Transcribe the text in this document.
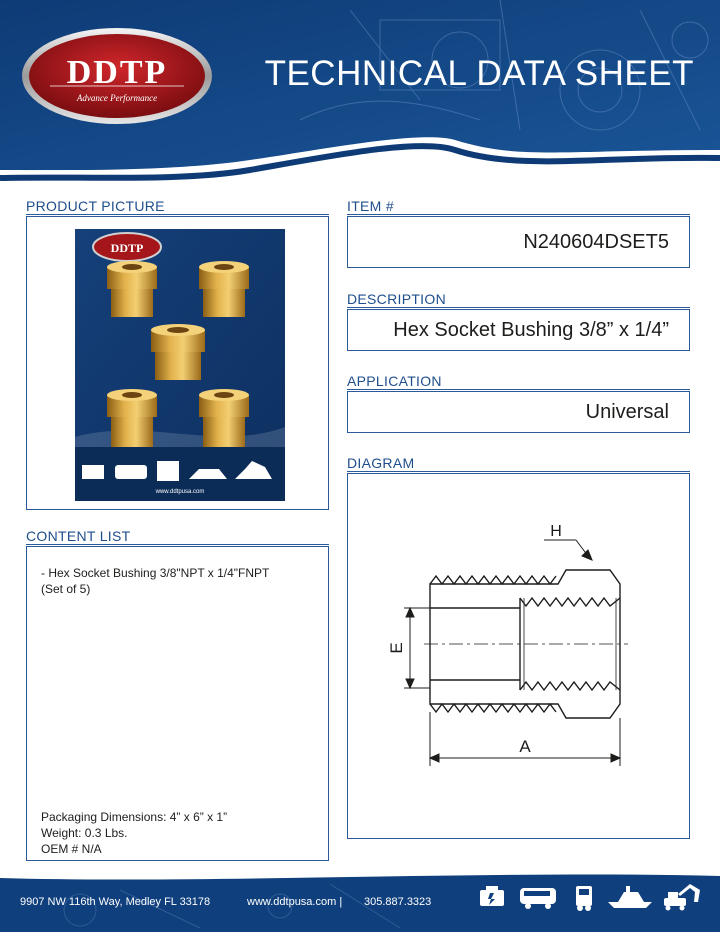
DDTP
Advance Performance
TECHNICAL DATA SHEET
PRODUCT PICTURE
DDTP
www.ddtpusa.com
ITEM #
N240604DSET5
DESCRIPTION
Hex Socket Bushing 3/8” x 1/4”
APPLICATION
Universal
DIAGRAM
E
A
H
CONTENT LIST
- Hex Socket Bushing 3/8"NPT x 1/4"FNPT
(Set of 5)
Packaging Dimensions: 4” x 6” x 1”
Weight: 0.3 Lbs.
OEM # N/A
9907 NW 116th Way, Medley FL 33178	www.ddtpusa.com | 305.887.3323
